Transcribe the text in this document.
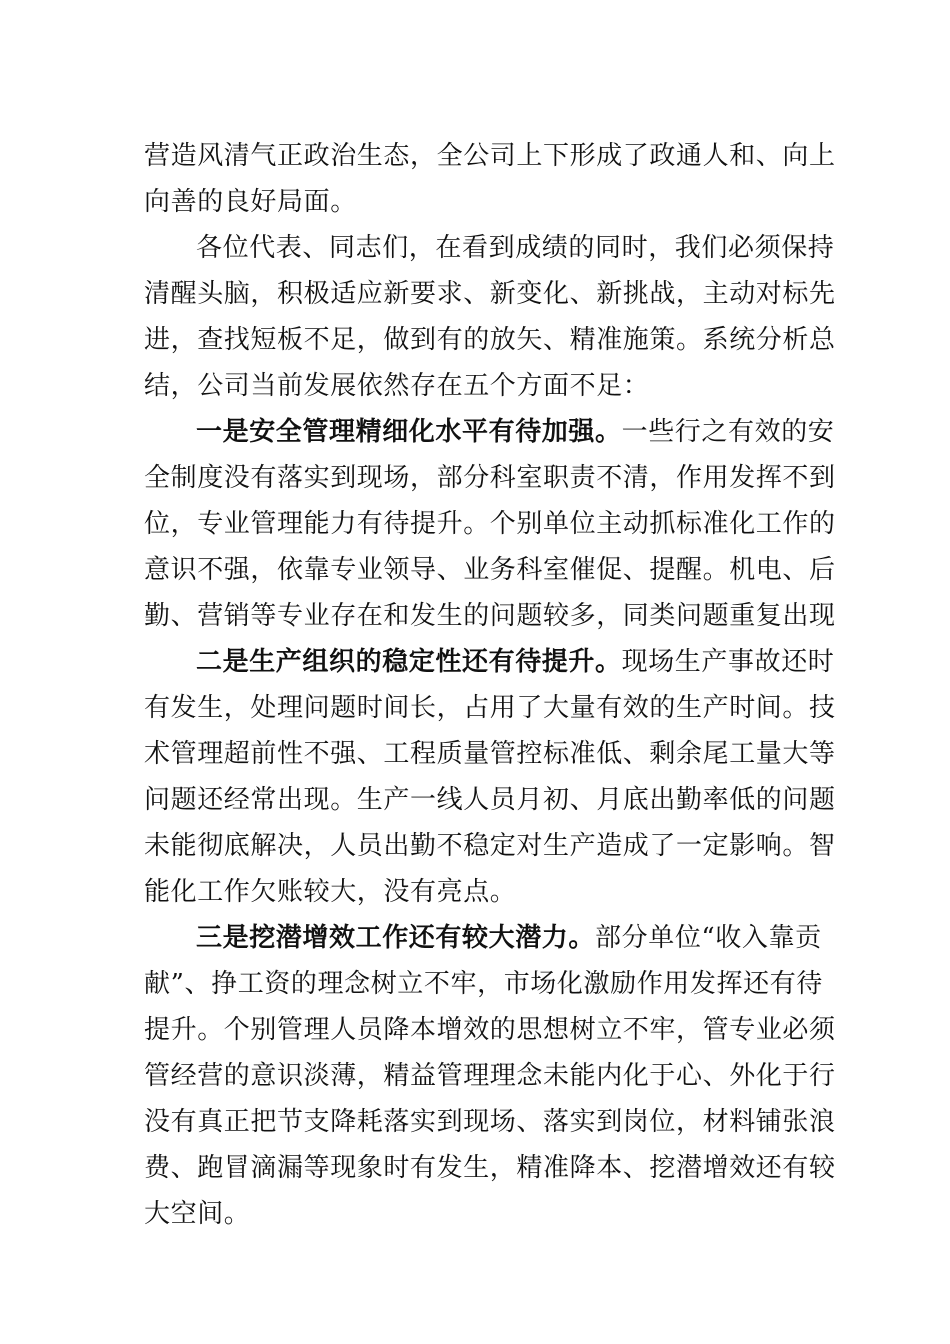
营造风清气正政治生态，全公司上下形成了政通人和、向上
向善的良好局面。
各位代表、同志们，在看到成绩的同时，我们必须保持
清醒头脑，积极适应新要求、新变化、新挑战，主动对标先
进，查找短板不足，做到有的放矢、精准施策。系统分析总
结，公司当前发展依然存在五个方面不足：
一是安全管理精细化水平有待加强。一些行之有效的安
全制度没有落实到现场，部分科室职责不清，作用发挥不到
位，专业管理能力有待提升。个别单位主动抓标准化工作的
意识不强，依靠专业领导、业务科室催促、提醒。机电、后
勤、营销等专业存在和发生的问题较多，同类问题重复出现
二是生产组织的稳定性还有待提升。现场生产事故还时
有发生，处理问题时间长，占用了大量有效的生产时间。技
术管理超前性不强、工程质量管控标准低、剩余尾工量大等
问题还经常出现。生产一线人员月初、月底出勤率低的问题
未能彻底解决，人员出勤不稳定对生产造成了一定影响。智
能化工作欠账较大，没有亮点。
三是挖潜增效工作还有较大潜力。部分单位“收入靠贡
献”、挣工资的理念树立不牢，市场化激励作用发挥还有待
提升。个别管理人员降本增效的思想树立不牢，管专业必须
管经营的意识淡薄，精益管理理念未能内化于心、外化于行
没有真正把节支降耗落实到现场、落实到岗位，材料铺张浪
费、跑冒滴漏等现象时有发生，精准降本、挖潜增效还有较
大空间。
